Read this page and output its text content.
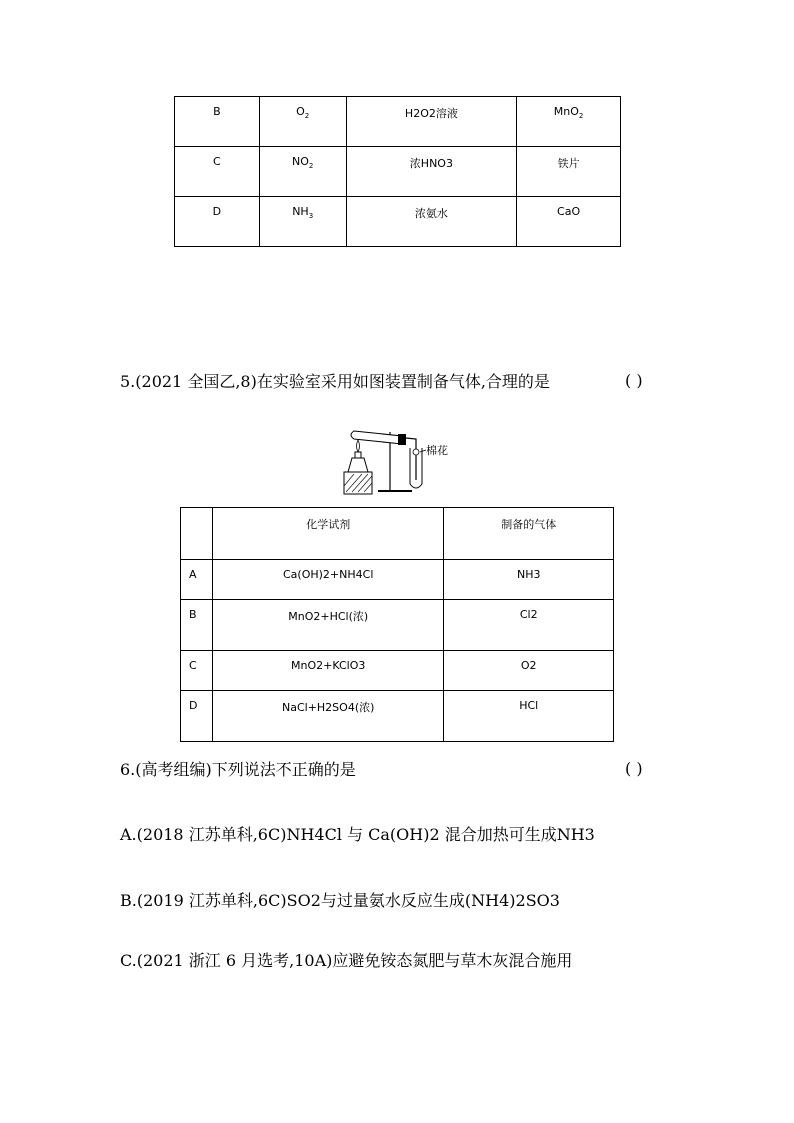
B	$O_2$	H2O2溶液	MnO$_2$
C	$NO_2$	浓HNO3	铁片
D	$NH_3$	浓氨水	CaO
5.(2021 全国乙,8)在实验室采用如图装置制备气体,合理的是	( )
棉花
	化学试剂	制备的气体
A	Ca(OH)2+NH4Cl	NH3
B	MnO2+HCl(浓)	Cl2
C	MnO2+KClO3	O2
D	NaCl+H2SO4(浓)	HCl
6.(高考组编)下列说法不正确的是	( )
A.(2018 江苏单科,6C)NH4Cl 与 Ca(OH)2 混合加热可生成NH3
B.(2019 江苏单科,6C)SO2与过量氨水反应生成(NH4)2SO3
C.(2021 浙江 6 月选考,10A)应避免铵态氮肥与草木灰混合施用
